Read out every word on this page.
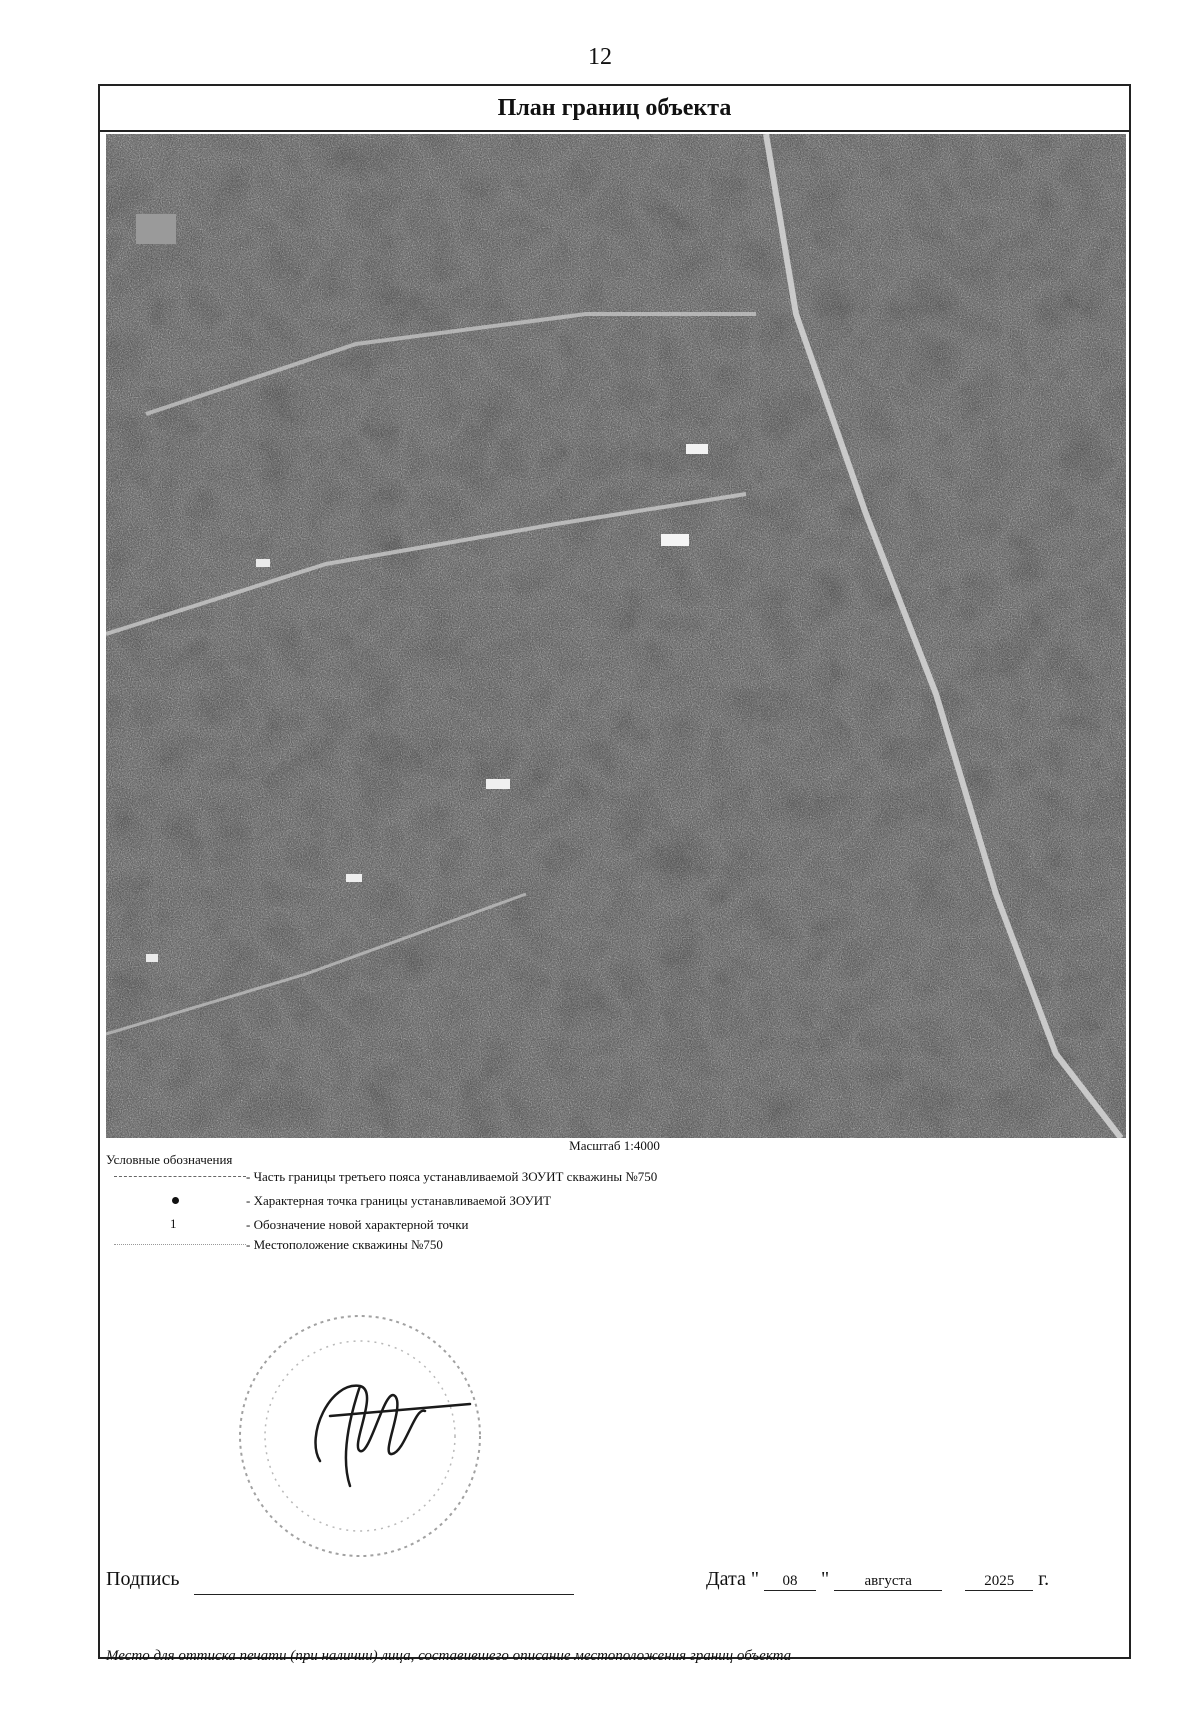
12
План границ объекта
Масштаб 1:4000
Условные обозначения
- Часть границы третьего пояса устанавливаемой ЗОУИТ скважины №750
- Характерная точка границы устанавливаемой ЗОУИТ
1	- Обозначение новой характерной точки
- Местоположение скважины №750
Подпись	Дата " 08 " августа	2025 г.
Место для оттиска печати (при наличии) лица, составившего описание местоположения границ объекта
